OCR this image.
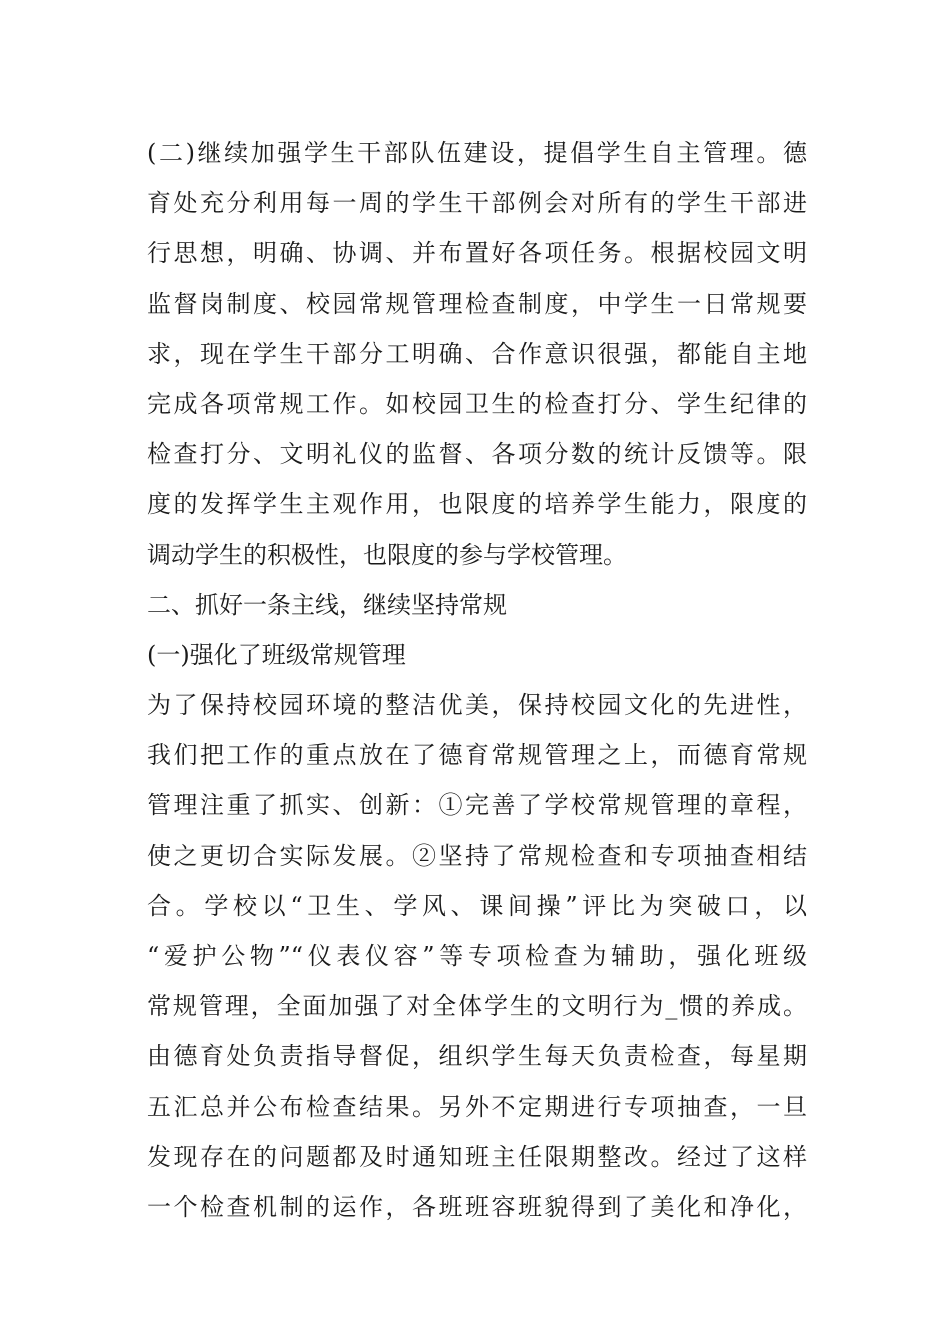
(二)继续加强学生干部队伍建设，提倡学生自主管理。德
育处充分利用每一周的学生干部例会对所有的学生干部进
行思想，明确、协调、并布置好各项任务。根据校园文明
监督岗制度、校园常规管理检查制度，中学生一日常规要
求，现在学生干部分工明确、合作意识很强，都能自主地
完成各项常规工作。如校园卫生的检查打分、学生纪律的
检查打分、文明礼仪的监督、各项分数的统计反馈等。限
度的发挥学生主观作用，也限度的培养学生能力，限度的
调动学生的积极性，也限度的参与学校管理。
二、抓好一条主线，继续坚持常规
(一)强化了班级常规管理
为了保持校园环境的整洁优美，保持校园文化的先进性，
我们把工作的重点放在了德育常规管理之上，而德育常规
管理注重了抓实、创新：①完善了学校常规管理的章程，
使之更切合实际发展。②坚持了常规检查和专项抽查相结
合。学校以“卫生、学风、课间操”评比为突破口，以
“爱护公物”“仪表仪容”等专项检查为辅助，强化班级
常规管理，全面加强了对全体学生的文明行为_惯的养成。
由德育处负责指导督促，组织学生每天负责检查，每星期
五汇总并公布检查结果。另外不定期进行专项抽查，一旦
发现存在的问题都及时通知班主任限期整改。经过了这样
一个检查机制的运作，各班班容班貌得到了美化和净化，
